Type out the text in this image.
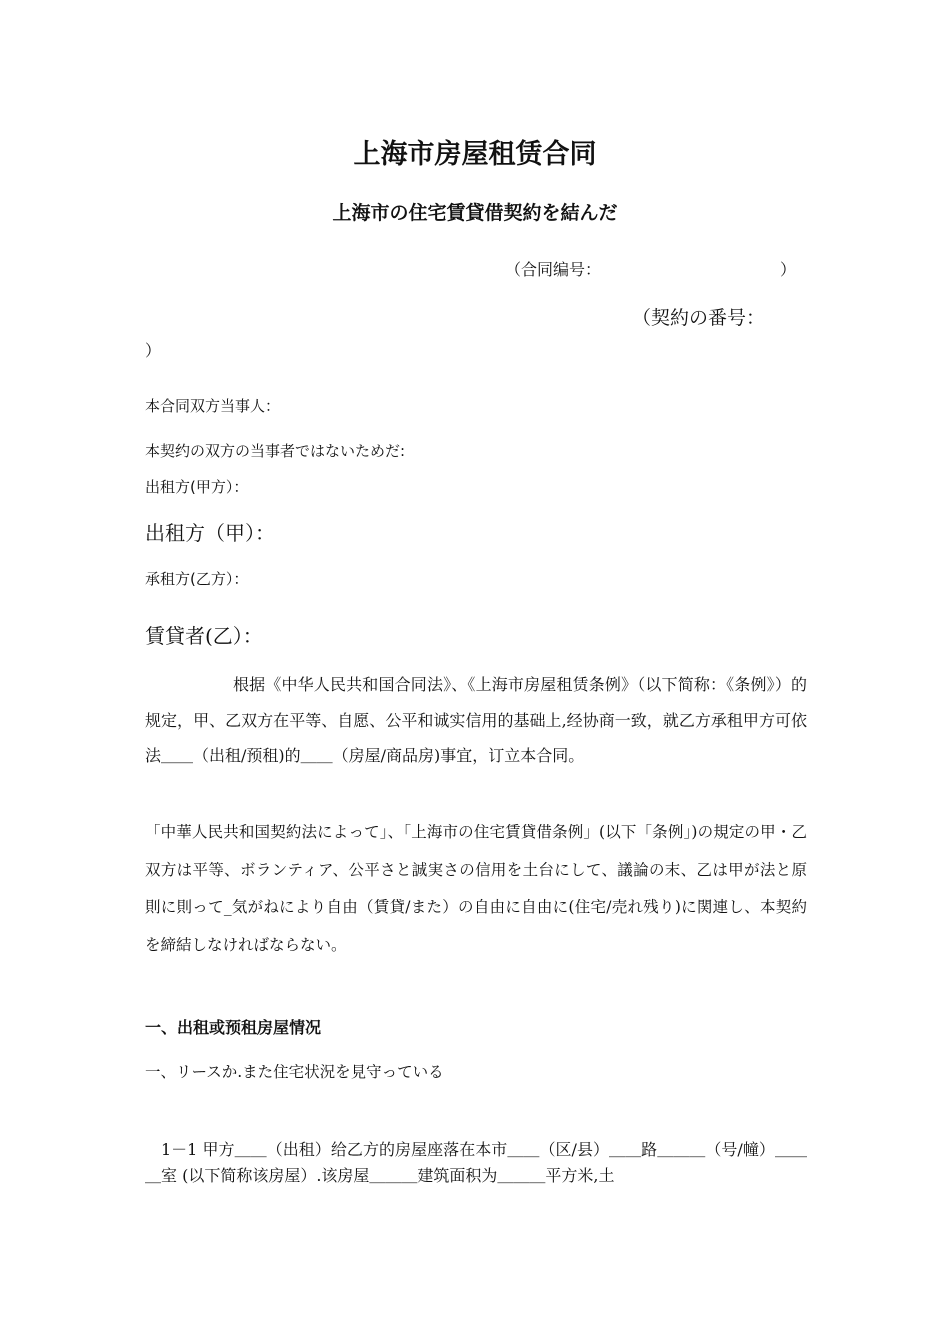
上海市房屋租赁合同
上海市の住宅賃貸借契約を結んだ
（合同编号：	）
（契約の番号：
）
本合同双方当事人：
本契约の双方の当事者ではないためだ:
出租方(甲方）：
出租方（甲）：
承租方(乙方）：
賃貸者(乙）：
根据《中华人民共和国合同法》、《上海市房屋租赁条例》（以下简称：《条例》）的规定，甲、乙双方在平等、自愿、公平和诚实信用的基础上,经协商一致，就乙方承租甲方可依法＿＿（出租/预租)的＿＿（房屋/商品房)事宜，订立本合同。
「中華人民共和国契約法によって」、「上海市の住宅賃貸借条例」(以下「条例」)の規定の甲・乙双方は平等、ボランティア、公平さと誠実さの信用を土台にして、議論の末、乙は甲が法と原則に則って_気がねにより自由（賃貸/また）の自由に自由に(住宅/売れ残り)に関連し、本契約を締結しなければならない。
一、出租或预租房屋情况
一、リースか.また住宅状況を見守っている
1－1 甲方＿＿（出租）给乙方的房屋座落在本市＿＿（区/县）＿＿路＿＿＿（号/幢）＿＿＿室 (以下简称该房屋）.该房屋＿＿＿建筑面积为＿＿＿平方米,土
